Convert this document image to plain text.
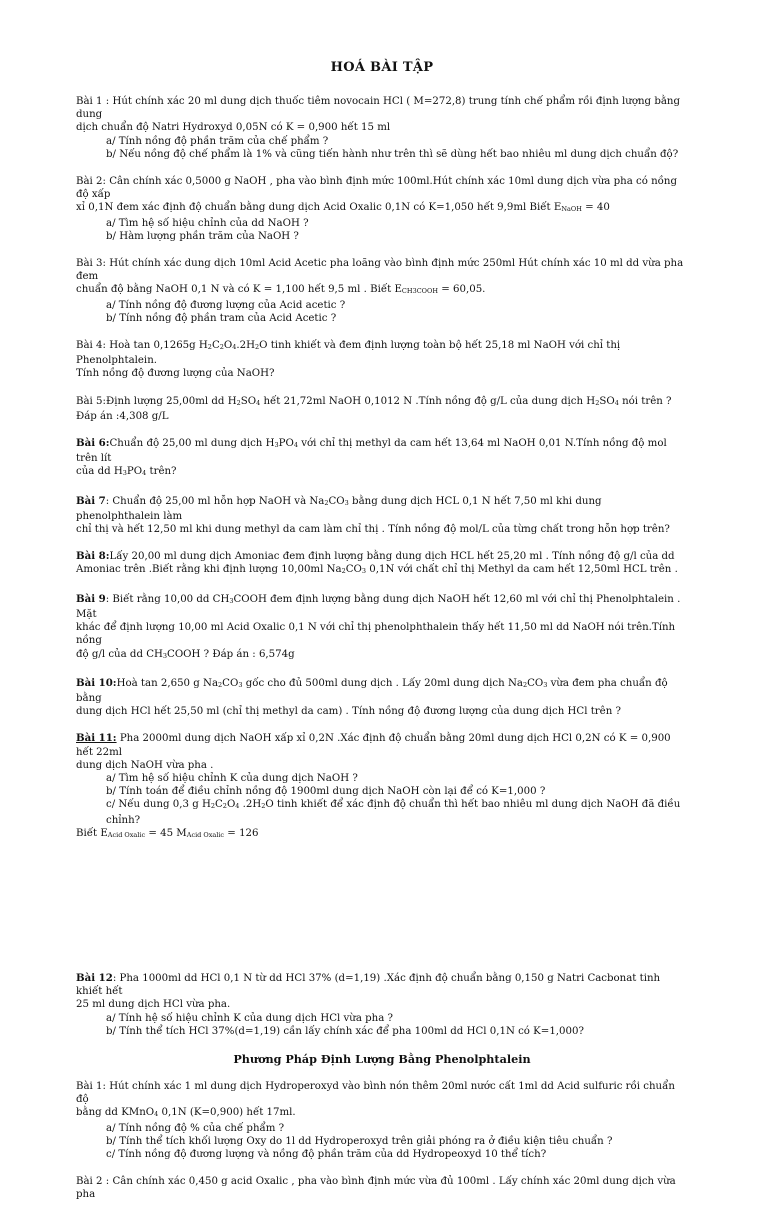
HOÁ BÀI TẬP

Bài 1 : Hút chính xác 20 ml dung dịch thuốc tiêm novocain HCl ( M=272,8) trung tính chế phẩm rồi định lượng bằng dung

dịch chuẩn độ Natri Hydroxyd 0,05N có K = 0,900 hết 15 ml

a/ Tính nồng độ phần trăm của chế phẩm ?

b/ Nếu nồng độ chế phẩm là 1% và cũng tiến hành như trên thì sẽ dùng hết bao nhiêu ml dung dịch chuẩn độ?

Bài 2: Cân chính xác 0,5000 g NaOH , pha vào bình định mức 100ml.Hút chính xác 10ml dung dịch vừa pha có nồng độ xấp

xỉ 0,1N đem xác định độ chuẩn bằng dung dịch Acid Oxalic 0,1N có K=1,050 hết 9,9ml Biết ENaOH = 40

a/ Tìm hệ số hiệu chỉnh của dd NaOH ?

b/ Hàm lượng phần trăm của NaOH ?

Bài 3: Hút chính xác dung dịch 10ml Acid Acetic pha loãng vào bình định mức 250ml Hút chính xác 10 ml dd vừa pha đem

chuẩn độ bằng NaOH 0,1 N và có K = 1,100 hết 9,5 ml . Biết ECH3COOH = 60,05.

a/ Tính nồng độ đương lượng của Acid acetic ?

b/ Tính nồng độ phần tram của Acid Acetic ?

Bài 4: Hoà tan 0,1265g H2C2O4.2H2O tinh khiết và đem định lượng toàn bộ hết 25,18 ml NaOH với chỉ thị Phenolphtalein.

Tính nồng độ đương lượng của NaOH?

Bài 5:Định lượng 25,00ml dd H2SO4 hết 21,72ml NaOH 0,1012 N .Tính nồng độ g/L của dung dịch H2SO4 nói trên ?

Đáp án :4,308 g/L

Bài 6:Chuẩn độ 25,00 ml dung dịch H3PO4 với chỉ thị methyl da cam hết 13,64 ml NaOH 0,01 N.Tính nồng độ mol trên lít

của dd H3PO4 trên?

Bài 7: Chuẩn độ 25,00 ml hỗn hợp NaOH và Na2CO3 bằng dung dịch HCL 0,1 N hết 7,50 ml khi dung phenolphthalein làm

chỉ thị và hết 12,50 ml khi dung methyl da cam làm chỉ thị . Tính nồng độ mol/L của từng chất trong hỗn hợp trên?

Bài 8:Lấy 20,00 ml dung dịch Amoniac đem định lượng bằng dung dịch HCL hết 25,20 ml . Tính nồng độ g/l của dd

Amoniac trên .Biết rằng khi định lượng 10,00ml Na2CO3 0,1N với chất chỉ thị Methyl da cam hết 12,50ml HCL trên .

Bài 9: Biết rằng 10,00 dd CH3COOH đem định lượng bằng dung dịch NaOH hết 12,60 ml với chỉ thị Phenolphtalein . Mặt

khác để định lượng 10,00 ml Acid Oxalic 0,1 N với chỉ thị phenolphthalein thấy hết 11,50 ml dd NaOH nói trên.Tính nồng

độ g/l của dd CH3COOH ? Đáp án : 6,574g

Bài 10:Hoà tan 2,650 g Na2CO3 gốc cho đủ 500ml dung dịch . Lấy 20ml dung dịch Na2CO3 vừa đem pha chuẩn độ bằng

dung dịch HCl hết 25,50 ml (chỉ thị methyl da cam) . Tính nồng độ đương lượng của dung dịch HCl trên ?

Bài 11: Pha 2000ml dung dịch NaOH xấp xỉ 0,2N .Xác định độ chuẩn bằng 20ml dung dịch HCl 0,2N có K = 0,900 hết 22ml

dung dịch NaOH vừa pha .

a/ Tìm hệ số hiệu chỉnh K của dung dịch NaOH ?

b/ Tính toán để điều chỉnh nồng độ 1900ml dung dịch NaOH còn lại để có K=1,000 ?

c/ Nếu dung 0,3 g H2C2O4 .2H2O tinh khiết để xác định độ chuẩn thì hết bao nhiêu ml dung dịch NaOH đã điều chỉnh?

Biết EAcid Oxalic = 45 MAcid Oxalic = 126

Bài 12: Pha 1000ml dd HCl 0,1 N từ dd HCl 37% (d=1,19) .Xác định độ chuẩn bằng 0,150 g Natri Cacbonat tinh khiết hết

25 ml dung dịch HCl vừa pha.

a/ Tính hệ số hiệu chỉnh K của dung dịch HCl vừa pha ?

b/ Tính thể tích HCl 37%(d=1,19) cần lấy chính xác để pha 100ml dd HCl 0,1N có K=1,000?

Phương Pháp Định Lượng Bằng Phenolphtalein

Bài 1: Hút chính xác 1 ml dung dịch Hydroperoxyd vào bình nón thêm 20ml nước cất 1ml dd Acid sulfuric rồi chuẩn độ

bằng dd KMnO4 0,1N (K=0,900) hết 17ml.

a/ Tính nồng độ % của chế phẩm ?

b/ Tính thể tích khối lượng Oxy do 1l dd Hydroperoxyd trên giải phóng ra ở điều kiện tiêu chuẩn ?

c/ Tính nồng độ đương lượng và nồng độ phần trăm của dd Hydropeoxyd 10 thể tích?

Bài 2 : Cân chính xác 0,450 g acid Oxalic , pha vào bình định mức vừa đủ 100ml . Lấy chính xác 20ml dung dịch vừa pha
